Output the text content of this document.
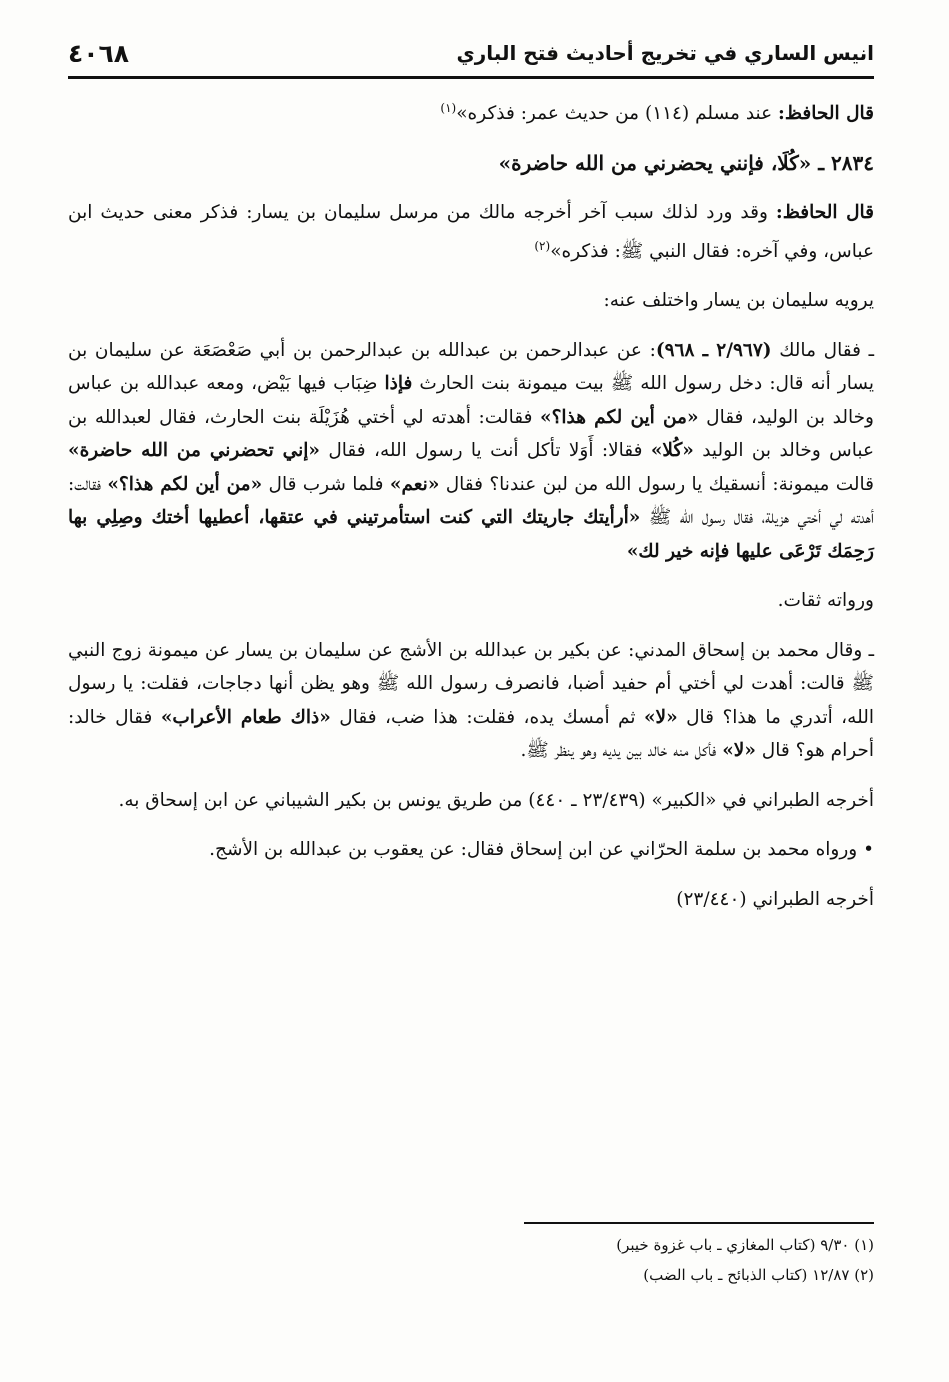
انيس الساري في تخريج أحاديث فتح الباري
٤٠٦٨

قال الحافظ: عند مسلم (١١٤) من حديث عمر: فذكره»$^{(١)}$

٢٨٣٤ ـ «كُلَا، فإنني يحضرني من الله حاضرة»

قال الحافظ: وقد ورد لذلك سبب آخر أخرجه مالك من مرسل سليمان بن يسار: فذكر معنى حديث ابن عباس، وفي آخره: فقال النبي ﷺ: فذكره»$^{(٢)}$

يرويه سليمان بن يسار واختلف عنه:

ـ فقال مالك (٢/٩٦٧ ـ ٩٦٨): عن عبدالرحمن بن عبدالله بن عبدالرحمن بن أبي صَعْصَعَة عن سليمان بن يسار أنه قال: دخل رسول الله ﷺ بيت ميمونة بنت الحارث فإذا ضِبَاب فيها بَيْض، ومعه عبدالله بن عباس وخالد بن الوليد، فقال «من أين لكم هذا؟» فقالت: أهدته لي أختي هُزَيْلَة بنت الحارث، فقال لعبدالله بن عباس وخالد بن الوليد «كُلا» فقالا: أَوَلا تأكل أنت يا رسول الله، فقال «إني تحضرني من الله حاضرة» قالت ميمونة: أنسقيك يا رسول الله من لبن عندنا؟ فقال «نعم» فلما شرب قال «من أين لكم هذا؟» فقالت: أهدته لي أختي هزيلة، فقال رسول الله ﷺ «أرأيتك جاريتك التي كنت استأمرتيني في عتقها، أعطيها أختك وصِلِي بها رَحِمَك تَرْعَى عليها فإنه خير لك»

ورواته ثقات.

ـ وقال محمد بن إسحاق المدني: عن بكير بن عبدالله بن الأشج عن سليمان بن يسار عن ميمونة زوج النبي ﷺ قالت: أهدت لي أختي أم حفيد أضبا، فانصرف رسول الله ﷺ وهو يظن أنها دجاجات، فقلت: يا رسول الله، أتدري ما هذا؟ قال «لا» ثم أمسك يده، فقلت: هذا ضب، فقال «ذاك طعام الأعراب» فقال خالد: أحرام هو؟ قال «لا» فأكل منه خالد بين يديه وهو ينظر ﷺ.

أخرجه الطبراني في «الكبير» (٢٣/٤٣٩ ـ ٤٤٠) من طريق يونس بن بكير الشيباني عن ابن إسحاق به.

• ورواه محمد بن سلمة الحرّاني عن ابن إسحاق فقال: عن يعقوب بن عبدالله بن الأشج.

أخرجه الطبراني (٢٣/٤٤٠)

(١) ٩/٣٠ (كتاب المغازي ـ باب غزوة خيبر)
(٢) ١٢/٨٧ (كتاب الذبائح ـ باب الضب)
